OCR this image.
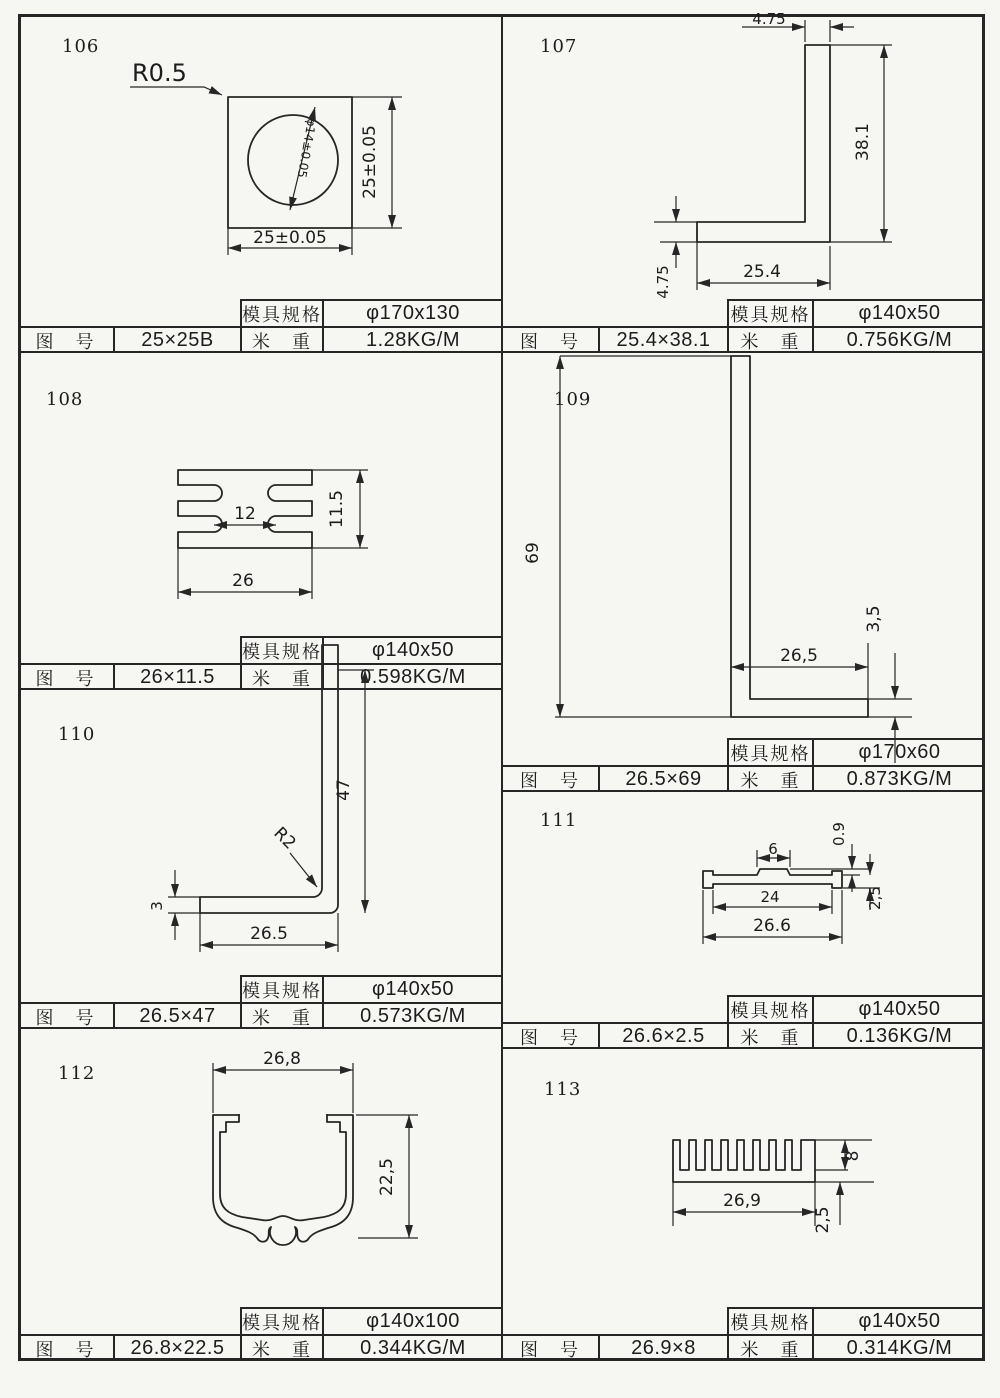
106
R0.5
φ14±0.05
25±0.05
25±0.05
模具规格	φ170x130
图　号	25×25B	米　重	1.28KG/M
107
4.75
38.1
25.4
4.75
模具规格	φ140x50
图　号	25.4×38.1	米　重	0.756KG/M
108
12
26
11.5
模具规格	φ140x50
图　号	26×11.5	米　重	0.598KG/M
109
69
26,5
3,5
模具规格	φ170x60
图　号	26.5×69	米　重	0.873KG/M
110
47
R2
3
26.5
模具规格	φ140x50
图　号	26.5×47	米　重	0.573KG/M
111
6
0.9
2,5
24
26.6
模具规格	φ140x50
图　号	26.6×2.5	米　重	0.136KG/M
112
26,8
22,5
模具规格	φ140x100
图　号	26.8×22.5	米　重	0.344KG/M
113
8
2,5
26,9
模具规格	φ140x50
图　号	26.9×8	米　重	0.314KG/M
